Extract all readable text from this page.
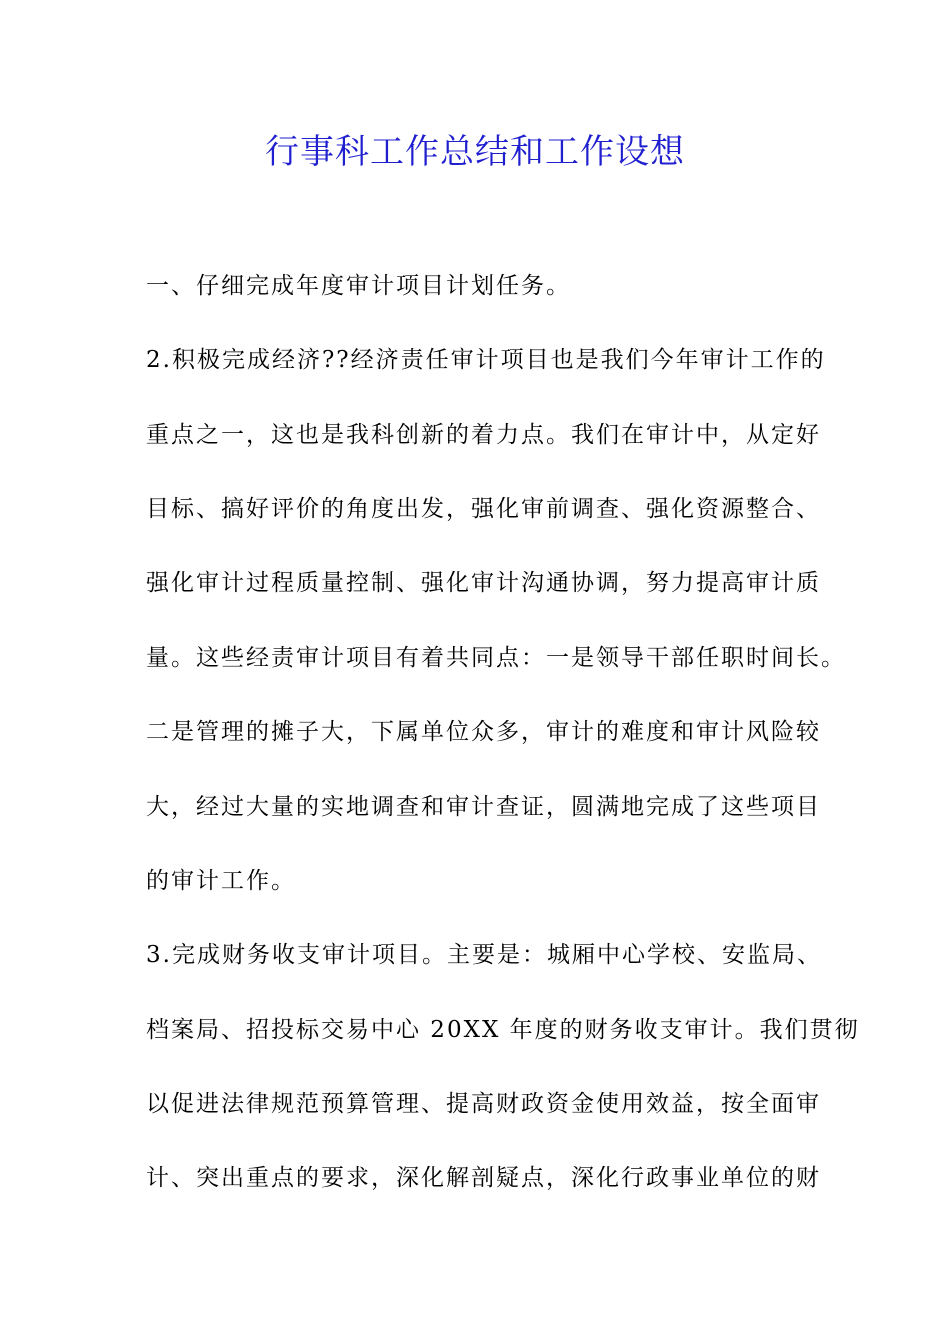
行事科工作总结和工作设想
一、仔细完成年度审计项目计划任务。
2.积极完成经济??经济责任审计项目也是我们今年审计工作的
重点之一，这也是我科创新的着力点。我们在审计中，从定好
目标、搞好评价的角度出发，强化审前调查、强化资源整合、
强化审计过程质量控制、强化审计沟通协调，努力提高审计质
量。这些经责审计项目有着共同点：一是领导干部任职时间长。
二是管理的摊子大，下属单位众多，审计的难度和审计风险较
大，经过大量的实地调查和审计查证，圆满地完成了这些项目
的审计工作。
3.完成财务收支审计项目。主要是：城厢中心学校、安监局、
档案局、招投标交易中心 20XX 年度的财务收支审计。我们贯彻
以促进法律规范预算管理、提高财政资金使用效益，按全面审
计、突出重点的要求，深化解剖疑点，深化行政事业单位的财
